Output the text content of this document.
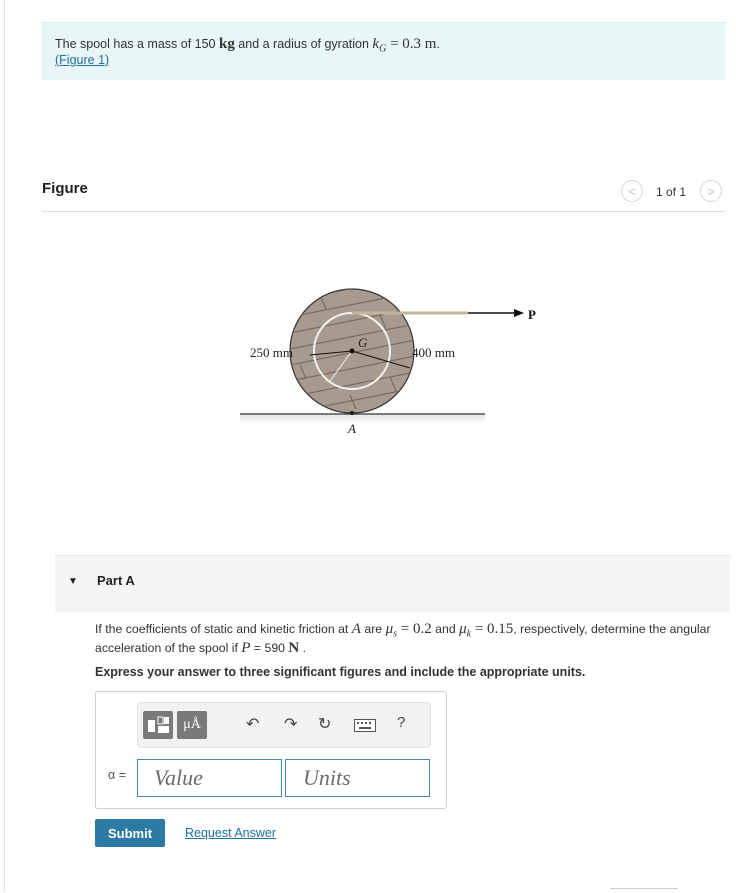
The spool has a mass of 150 kg and a radius of gyration $k_G = 0.3$ m.
(Figure 1)
Figure	< 1 of 1 >
P
G
250 mm	400 mm
A
▼ Part A
If the coefficients of static and kinetic friction at A are $\mu_s = 0.2$ and $\mu_k = 0.15$, respectively, determine the angular acceleration of the spool if P = 590 N .
Express your answer to three significant figures and include the appropriate units.
μÅ	↶ ↷ ↻	?
α =
Value
Units
Submit	Request Answer
